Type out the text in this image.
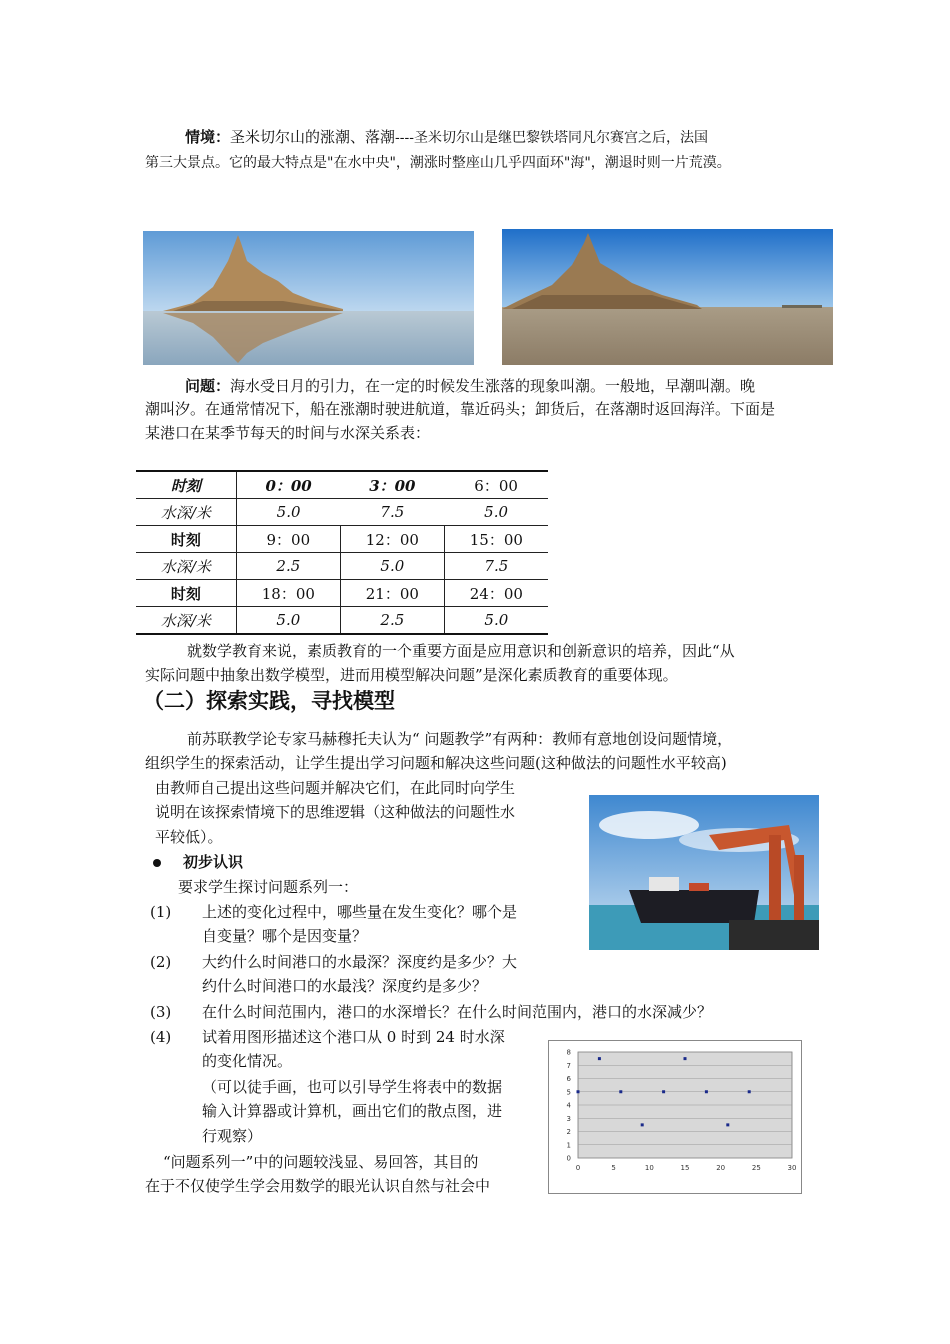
情境：圣米切尔山的涨潮、落潮----圣米切尔山是继巴黎铁塔同凡尔赛宫之后，法国
第三大景点。它的最大特点是"在水中央"，潮涨时整座山几乎四面环"海"，潮退时则一片荒漠。
问题：海水受日月的引力，在一定的时候发生涨落的现象叫潮。一般地，早潮叫潮。晚
潮叫汐。在通常情况下，船在涨潮时驶进航道，靠近码头；卸货后，在落潮时返回海洋。下面是
某港口在某季节每天的时间与水深关系表：
时刻	0：00	3：00	6：00
水深/米	5.0	7.5	5.0
时刻	9：00	12：00	15：00
水深/米	2.5	5.0	7.5
时刻	18：00	21：00	24：00
水深/米	5.0	2.5	5.0
就数学教育来说，素质教育的一个重要方面是应用意识和创新意识的培养，因此“从
实际问题中抽象出数学模型，进而用模型解决问题”是深化素质教育的重要体现。
（二）探索实践，寻找模型
前苏联教学论专家马赫穆托夫认为“ 问题教学”有两种：教师有意地创设问题情境，
组织学生的探索活动，让学生提出学习问题和解决这些问题(这种做法的问题性水平较高)
由教师自己提出这些问题并解决它们，在此同时向学生
说明在该探索情境下的思维逻辑（这种做法的问题性水
平较低）。
初步认识
要求学生探讨问题系列一：
(1) 上述的变化过程中，哪些量在发生变化？哪个是
自变量？哪个是因变量？
(2) 大约什么时间港口的水最深？深度约是多少？大
约什么时间港口的水最浅？深度约是多少？
(3) 在什么时间范围内，港口的水深增长？在什么时间范围内，港口的水深减少？
(4) 试着用图形描述这个港口从 0 时到 24 时水深
的变化情况。
（可以徒手画，也可以引导学生将表中的数据
输入计算器或计算机，画出它们的散点图，进
行观察）
“问题系列一”中的问题较浅显、易回答，其目的
在于不仅使学生学会用数学的眼光认识自然与社会中
0
1
2
3
4
5
6
7
8
0	5	10	15	20	25	30
